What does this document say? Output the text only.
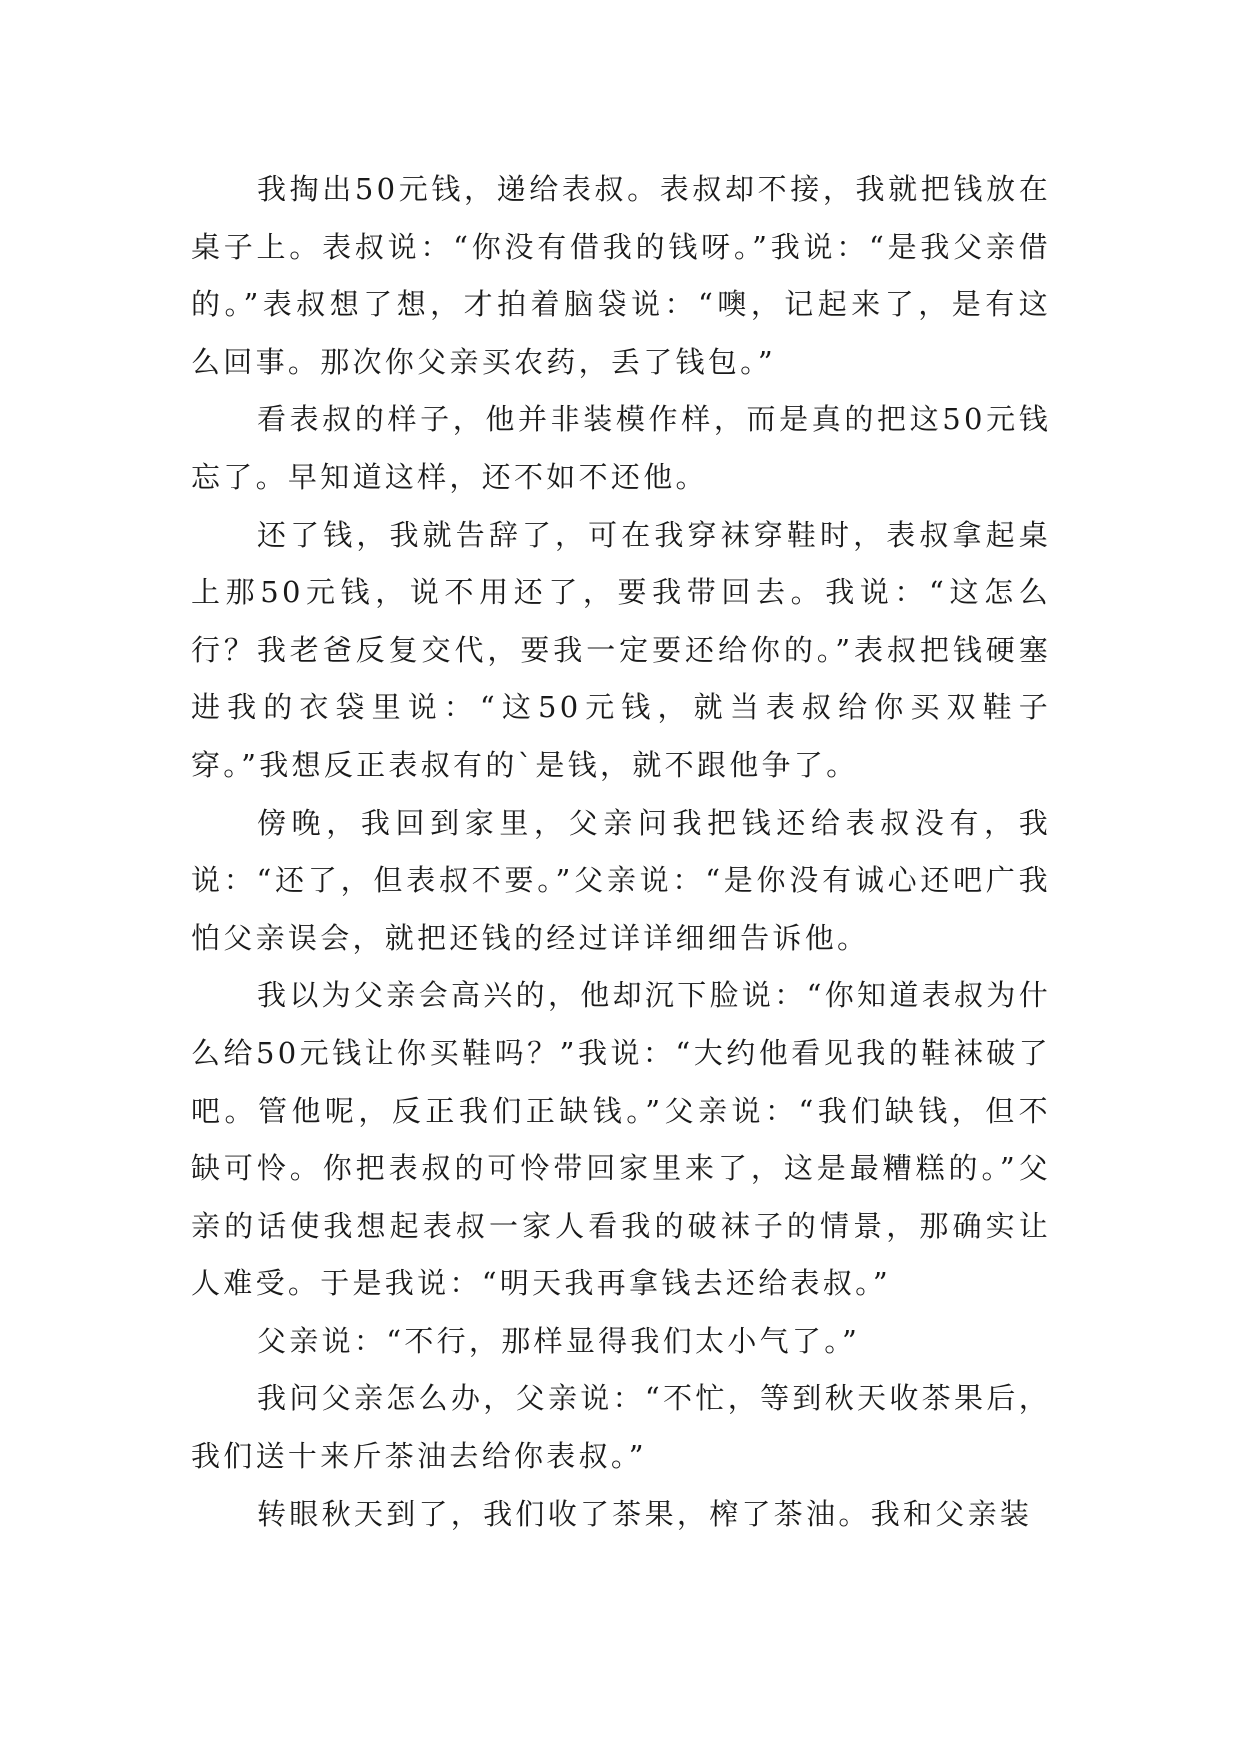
我掏出50元钱，递给表叔。表叔却不接，我就把钱放在桌子上。表叔说：“你没有借我的钱呀。”我说：“是我父亲借的。”表叔想了想，才拍着脑袋说：“噢，记起来了，是有这么回事。那次你父亲买农药，丢了钱包。”

看表叔的样子，他并非装模作样，而是真的把这50元钱忘了。早知道这样，还不如不还他。

还了钱，我就告辞了，可在我穿袜穿鞋时，表叔拿起桌上那50元钱，说不用还了，要我带回去。我说：“这怎么行？我老爸反复交代，要我一定要还给你的。”表叔把钱硬塞进我的衣袋里说：“这50元钱，就当表叔给你买双鞋子穿。”我想反正表叔有的`是钱，就不跟他争了。

傍晚，我回到家里，父亲问我把钱还给表叔没有，我说：“还了，但表叔不要。”父亲说：“是你没有诚心还吧广我怕父亲误会，就把还钱的经过详详细细告诉他。

我以为父亲会高兴的，他却沉下脸说：“你知道表叔为什么给50元钱让你买鞋吗？”我说：“大约他看见我的鞋袜破了吧。管他呢，反正我们正缺钱。”父亲说：“我们缺钱，但不缺可怜。你把表叔的可怜带回家里来了，这是最糟糕的。”父亲的话使我想起表叔一家人看我的破袜子的情景，那确实让人难受。于是我说：“明天我再拿钱去还给表叔。”

父亲说：“不行，那样显得我们太小气了。”

我问父亲怎么办，父亲说：“不忙，等到秋天收茶果后，我们送十来斤茶油去给你表叔。”

转眼秋天到了，我们收了茶果，榨了茶油。我和父亲装
